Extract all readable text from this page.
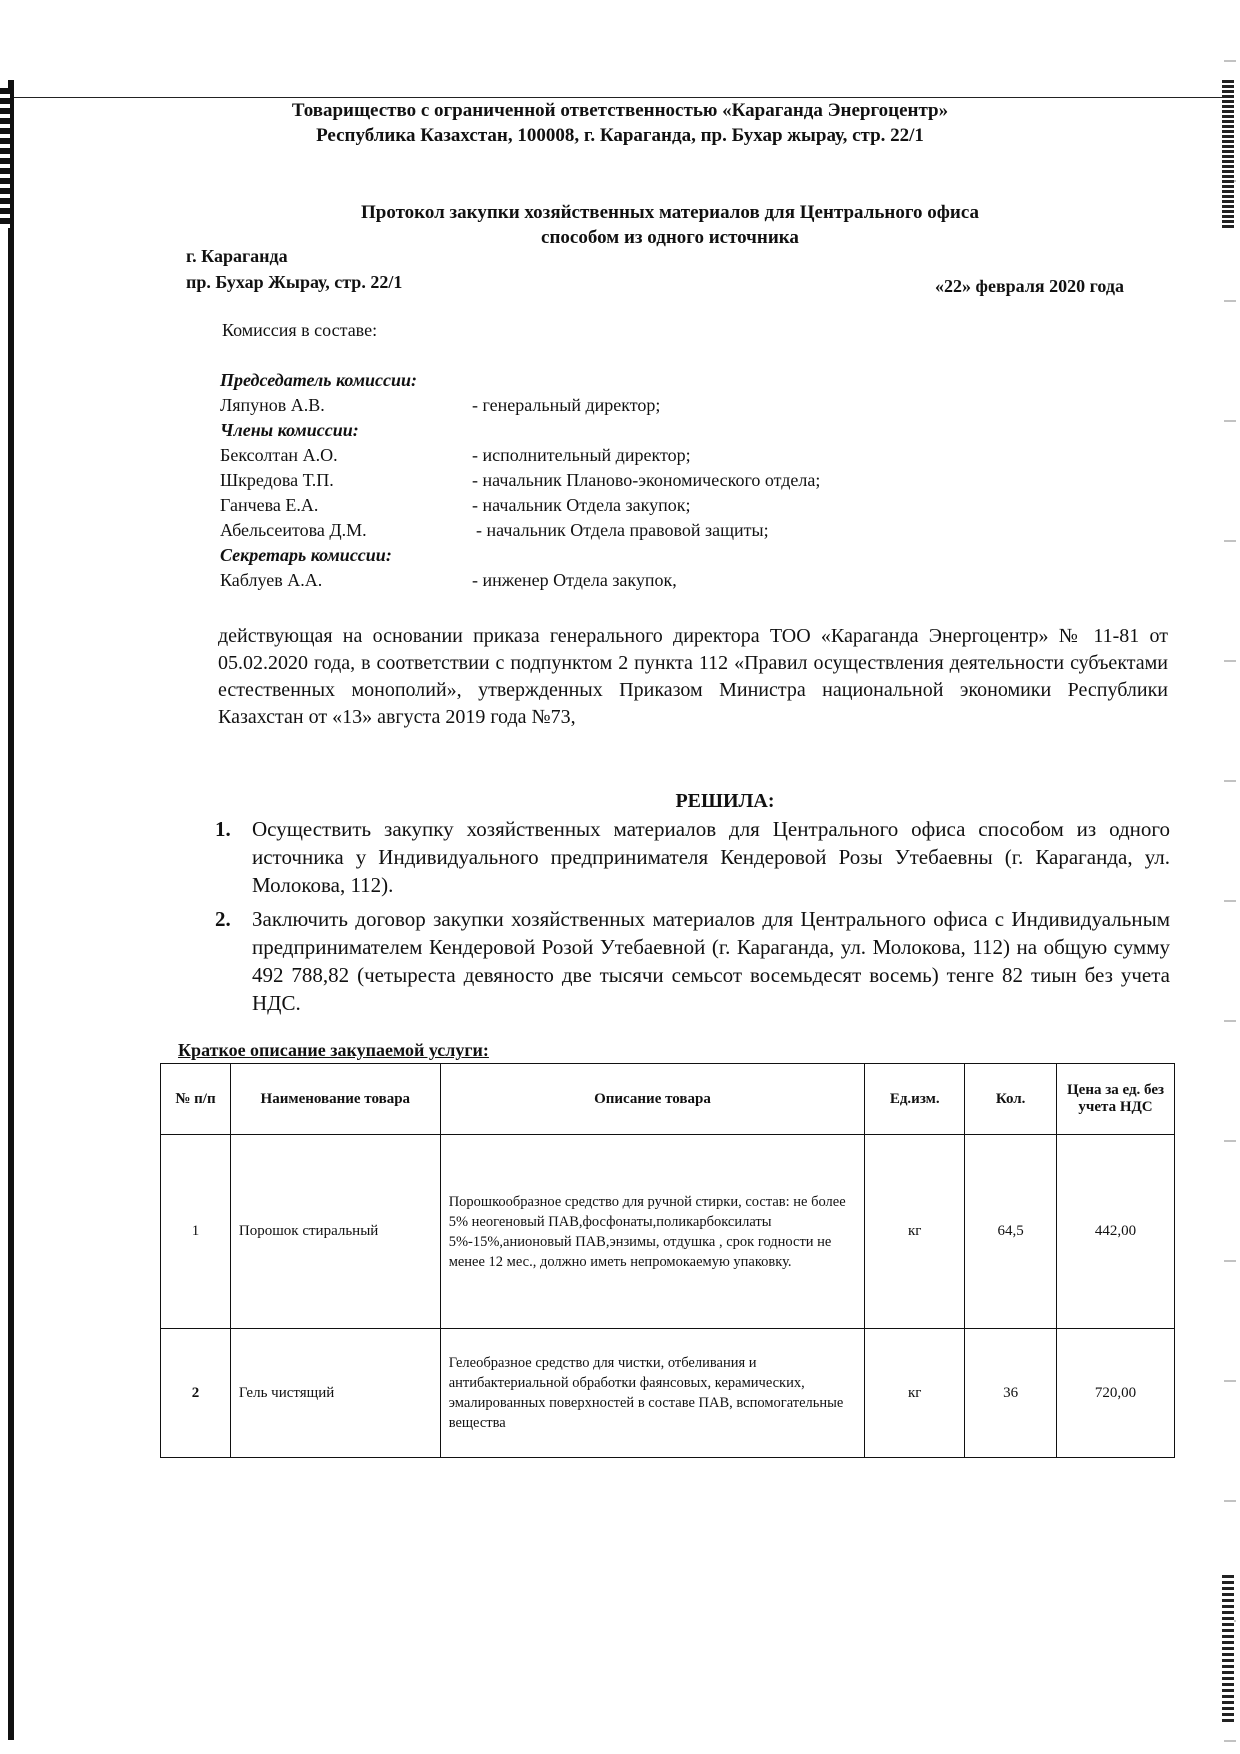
Товарищество с ограниченной ответственностью «Караганда Энергоцентр»
Республика Казахстан, 100008, г. Караганда, пр. Бухар жырау, стр. 22/1
Протокол закупки хозяйственных материалов для Центрального офиса
способом из одного источника
г. Караганда
пр. Бухар Жырау, стр. 22/1	«22» февраля 2020 года
Комиссия в составе:
Председатель комиссии:
Ляпунов А.В.	- генеральный директор;
Члены комиссии:
Бексолтан А.О.	- исполнительный директор;
Шкредова Т.П.	- начальник Планово-экономического отдела;
Ганчева Е.А.	- начальник Отдела закупок;
Абельсеитова Д.М.	- начальник Отдела правовой защиты;
Секретарь комиссии:
Каблуев А.А.	- инженер Отдела закупок,
действующая на основании приказа генерального директора ТОО «Караганда Энергоцентр» № 11-81 от 05.02.2020 года, в соответствии с подпунктом 2 пункта 112 «Правил осуществления деятельности субъектами естественных монополий», утвержденных Приказом Министра национальной экономики Республики Казахстан от «13» августа 2019 года №73,
РЕШИЛА:
1. Осуществить закупку хозяйственных материалов для Центрального офиса способом из одного источника у Индивидуального предпринимателя Кендеровой Розы Утебаевны (г. Караганда, ул. Молокова, 112).
2. Заключить договор закупки хозяйственных материалов для Центрального офиса с Индивидуальным предпринимателем Кендеровой Розой Утебаевной (г. Караганда, ул. Молокова, 112) на общую сумму 492 788,82 (четыреста девяносто две тысячи семьсот восемьдесят восемь) тенге 82 тиын без учета НДС.
Краткое описание закупаемой услуги:
№ п/п	Наименование товара	Описание товара	Ед.изм.	Кол.	Цена за ед. без учета НДС
1	Порошок стиральный	Порошкообразное средство для ручной стирки, состав: не более 5% неогеновый ПАВ,фосфонаты,поликарбоксилаты 5%-15%,анионовый ПАВ,энзимы, отдушка , срок годности не менее 12 мес., должно иметь непромокаемую упаковку.	кг	64,5	442,00
2	Гель чистящий	Гелеобразное средство для чистки, отбеливания и антибактериальной обработки фаянсовых, керамических, эмалированных поверхностей в составе ПАВ, вспомогательные вещества	кг	36	720,00
